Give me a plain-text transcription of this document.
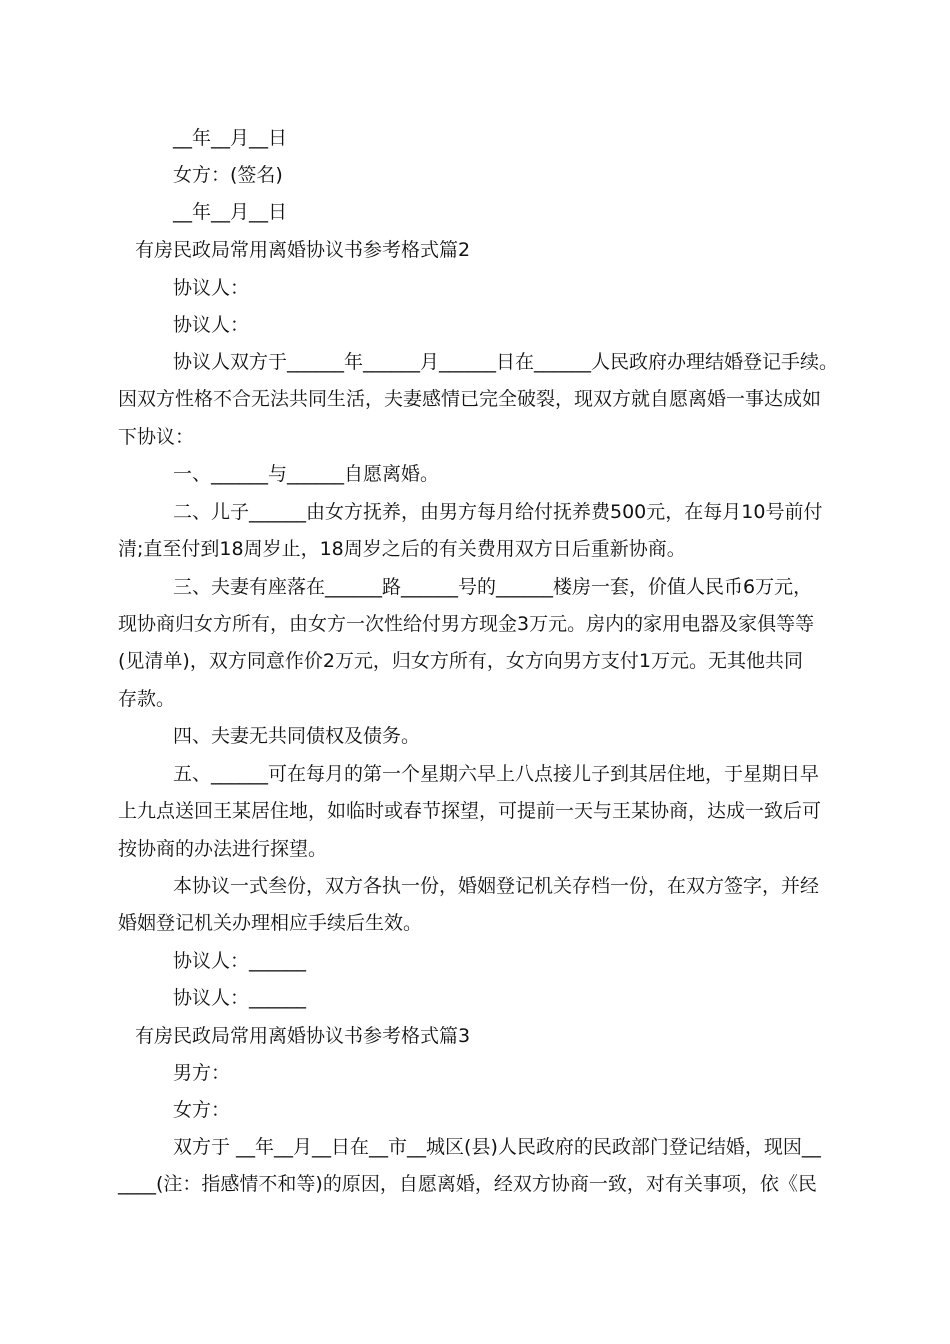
__年__月__日
女方：(签名)
__年__月__日
有房民政局常用离婚协议书参考格式篇2
协议人：
协议人：
协议人双方于______年______月______日在______人民政府办理结婚登记手续。
因双方性格不合无法共同生活，夫妻感情已完全破裂，现双方就自愿离婚一事达成如
下协议：
一、______与______自愿离婚。
二、儿子______由女方抚养，由男方每月给付抚养费500元，在每月10号前付
清;直至付到18周岁止，18周岁之后的有关费用双方日后重新协商。
三、夫妻有座落在______路______号的______楼房一套，价值人民币6万元，
现协商归女方所有，由女方一次性给付男方现金3万元。房内的家用电器及家俱等等
(见清单)，双方同意作价2万元，归女方所有，女方向男方支付1万元。无其他共同
存款。
四、夫妻无共同债权及债务。
五、______可在每月的第一个星期六早上八点接儿子到其居住地，于星期日早
上九点送回王某居住地，如临时或春节探望，可提前一天与王某协商，达成一致后可
按协商的办法进行探望。
本协议一式叁份，双方各执一份，婚姻登记机关存档一份，在双方签字，并经
婚姻登记机关办理相应手续后生效。
协议人：______
协议人：______
有房民政局常用离婚协议书参考格式篇3
男方：
女方：
双方于 __年__月__日在__市__城区(县)人民政府的民政部门登记结婚，现因__
____(注：指感情不和等)的原因，自愿离婚，经双方协商一致，对有关事项，依《民
